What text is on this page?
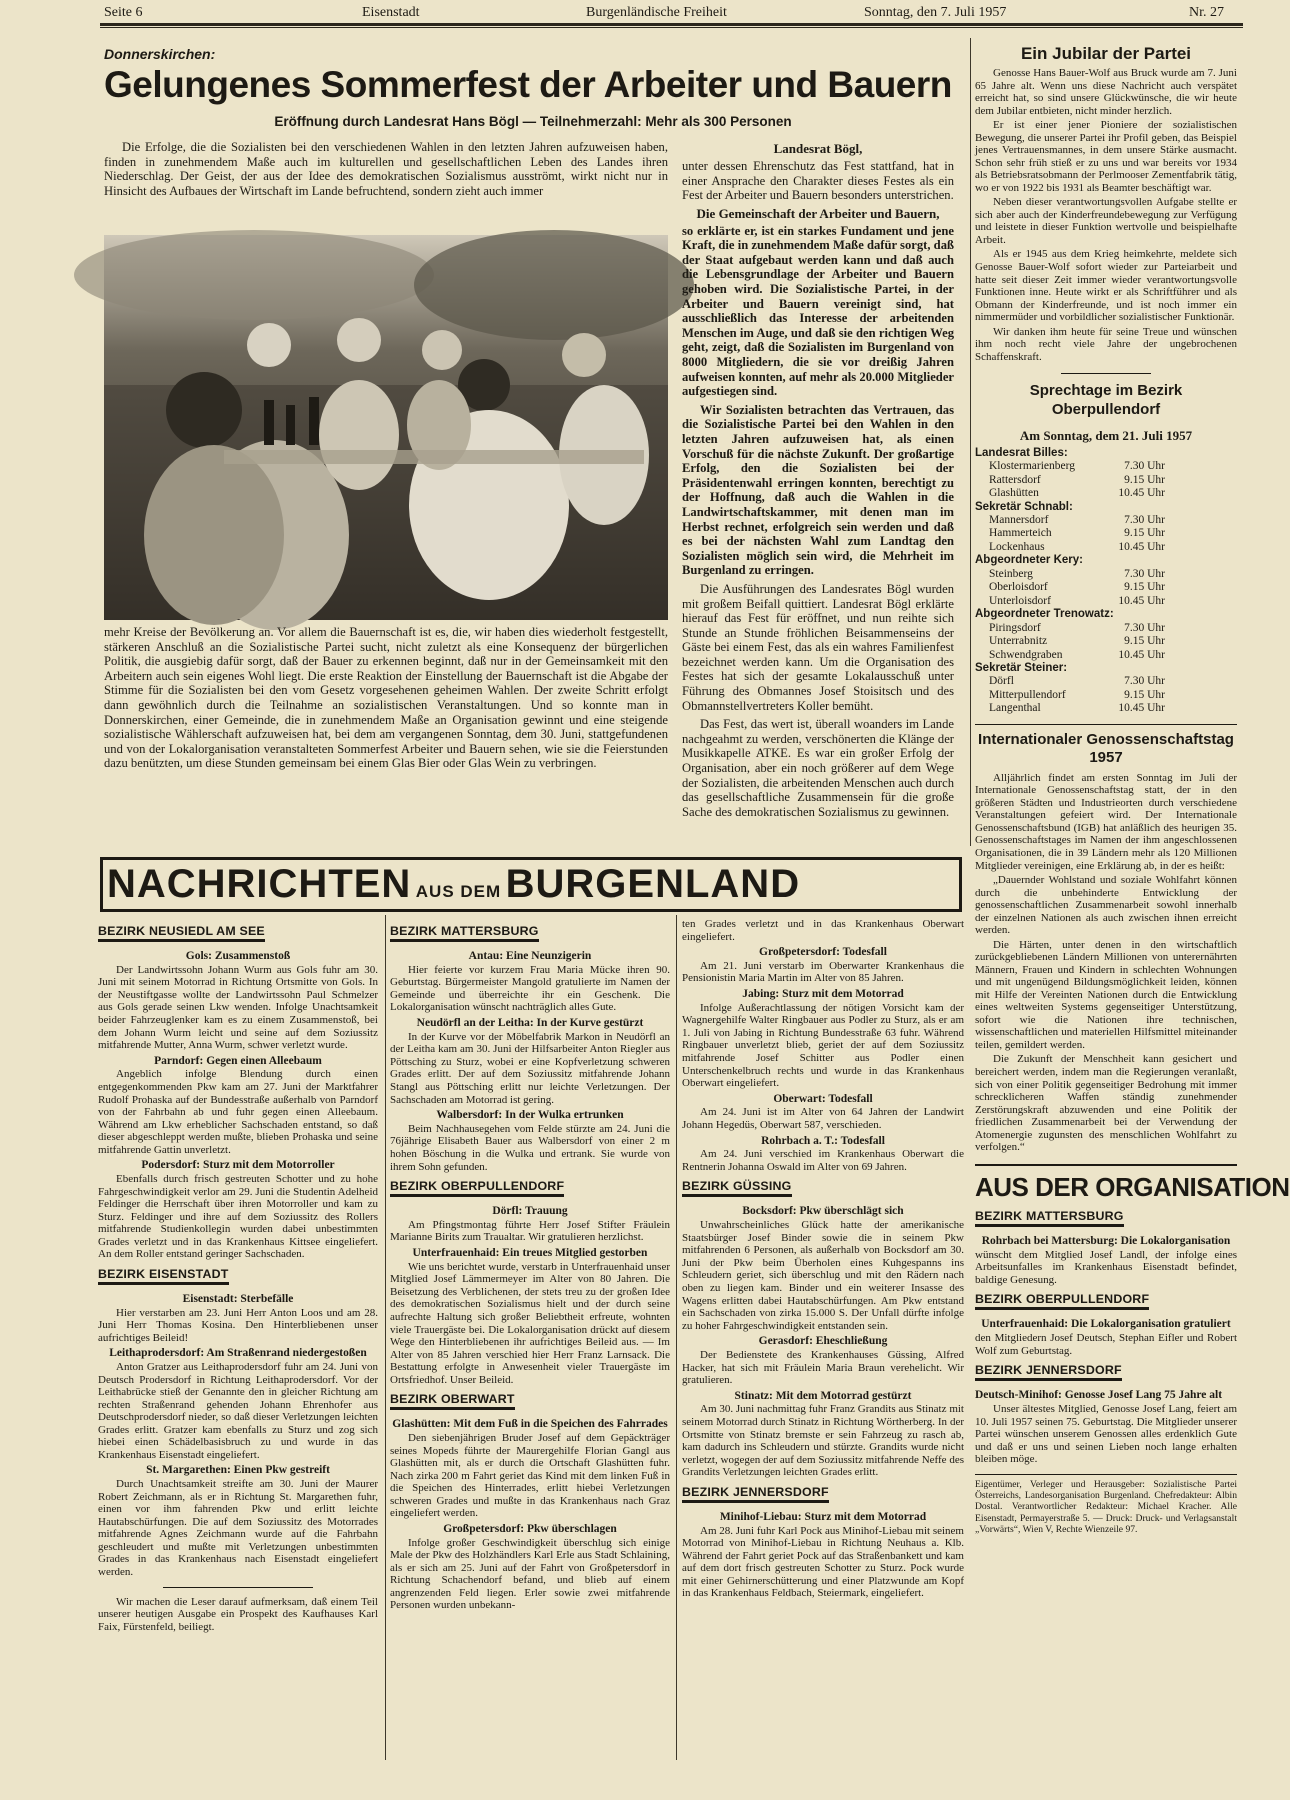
Seite 6	Eisenstadt	Burgenländische Freiheit	Sonntag, den 7. Juli 1957	Nr. 27
Donnerskirchen:
Gelungenes Sommerfest der Arbeiter und Bauern
Eröffnung durch Landesrat Hans Bögl — Teilnehmerzahl: Mehr als 300 Personen
Die Erfolge, die die Sozialisten bei den verschiedenen Wahlen in den letzten Jahren aufzuweisen haben, finden in zunehmendem Maße auch im kulturellen und gesellschaftlichen Leben des Landes ihren Niederschlag. Der Geist, der aus der Idee des demokratischen Sozialismus ausströmt, wirkt nicht nur in Hinsicht des Aufbaues der Wirtschaft im Lande befruchtend, sondern zieht auch immer
mehr Kreise der Bevölkerung an. Vor allem die Bauernschaft ist es, die, wir haben dies wiederholt festgestellt, stärkeren Anschluß an die Sozialistische Partei sucht, nicht zuletzt als eine Konsequenz der bürgerlichen Politik, die ausgiebig dafür sorgt, daß der Bauer zu erkennen beginnt, daß nur in der Gemeinsamkeit mit den Arbeitern auch sein eigenes Wohl liegt. Die erste Reaktion der Einstellung der Bauernschaft ist die Abgabe der Stimme für die Sozialisten bei den vom Gesetz vorgesehenen geheimen Wahlen. Der zweite Schritt erfolgt dann gewöhnlich durch die Teilnahme an sozialistischen Veranstaltungen. Und so konnte man in Donnerskirchen, einer Gemeinde, die in zunehmendem Maße an Organisation gewinnt und eine steigende sozialistische Wählerschaft aufzuweisen hat, bei dem am vergangenen Sonntag, dem 30. Juni, stattgefundenen und von der Lokalorganisation veranstalteten Sommerfest Arbeiter und Bauern sehen, wie sie die Feierstunden dazu benützten, um diese Stunden gemeinsam bei einem Glas Bier oder Glas Wein zu verbringen.
Landesrat Bögl,
unter dessen Ehrenschutz das Fest stattfand, hat in einer Ansprache den Charakter dieses Festes als ein Fest der Arbeiter und Bauern besonders unterstrichen.
Die Gemeinschaft der Arbeiter und Bauern,
so erklärte er, ist ein starkes Fundament und jene Kraft, die in zunehmendem Maße dafür sorgt, daß der Staat aufgebaut werden kann und daß auch die Lebensgrundlage der Arbeiter und Bauern gehoben wird. Die Sozialistische Partei, in der Arbeiter und Bauern vereinigt sind, hat ausschließlich das Interesse der arbeitenden Menschen im Auge, und daß sie den richtigen Weg geht, zeigt, daß die Sozialisten im Burgenland von 8000 Mitgliedern, die sie vor dreißig Jahren aufweisen konnten, auf mehr als 20.000 Mitglieder aufgestiegen sind.
Wir Sozialisten betrachten das Vertrauen, das die Sozialistische Partei bei den Wahlen in den letzten Jahren aufzuweisen hat, als einen Vorschuß für die nächste Zukunft. Der großartige Erfolg, den die Sozialisten bei der Präsidentenwahl erringen konnten, berechtigt zu der Hoffnung, daß auch die Wahlen in die Landwirtschaftskammer, mit denen man im Herbst rechnet, erfolgreich sein werden und daß es bei der nächsten Wahl zum Landtag den Sozialisten möglich sein wird, die Mehrheit im Burgenland zu erringen.
Die Ausführungen des Landesrates Bögl wurden mit großem Beifall quittiert. Landesrat Bögl erklärte hierauf das Fest für eröffnet, und nun reihte sich Stunde an Stunde fröhlichen Beisammenseins der Gäste bei einem Fest, das als ein wahres Familienfest bezeichnet werden kann. Um die Organisation des Festes hat sich der gesamte Lokalausschuß unter Führung des Obmannes Josef Stoisitsch und des Obmannstellvertreters Koller bemüht.
Das Fest, das wert ist, überall woanders im Lande nachgeahmt zu werden, verschönerten die Klänge der Musikkapelle ATKE. Es war ein großer Erfolg der Organisation, aber ein noch größerer auf dem Wege der Sozialisten, die arbeitenden Menschen auch durch das gesellschaftliche Zusammensein für die große Sache des demokratischen Sozialismus zu gewinnen.
Ein Jubilar der Partei
Genosse Hans Bauer-Wolf aus Bruck wurde am 7. Juni 65 Jahre alt. Wenn uns diese Nachricht auch verspätet erreicht hat, so sind unsere Glückwünsche, die wir heute dem Jubilar entbieten, nicht minder herzlich.
Er ist einer jener Pioniere der sozialistischen Bewegung, die unserer Partei ihr Profil geben, das Beispiel jenes Vertrauensmannes, in dem unsere Stärke ausmacht. Schon sehr früh stieß er zu uns und war bereits vor 1934 als Betriebsratsobmann der Perlmooser Zementfabrik tätig, wo er von 1922 bis 1931 als Beamter beschäftigt war.
Neben dieser verantwortungsvollen Aufgabe stellte er sich aber auch der Kinderfreundebewegung zur Verfügung und leistete in dieser Funktion wertvolle und beispielhafte Arbeit.
Als er 1945 aus dem Krieg heimkehrte, meldete sich Genosse Bauer-Wolf sofort wieder zur Parteiarbeit und hatte seit dieser Zeit immer wieder verantwortungsvolle Funktionen inne. Heute wirkt er als Schriftführer und als Obmann der Kinderfreunde, und ist noch immer ein nimmermüder und vorbildlicher sozialistischer Funktionär.
Wir danken ihm heute für seine Treue und wünschen ihm noch recht viele Jahre der ungebrochenen Schaffenskraft.
Sprechtage im Bezirk Oberpullendorf
Am Sonntag, dem 21. Juli 1957
Landesrat Billes:
Klostermarienberg	7.30 Uhr
Rattersdorf	9.15 Uhr
Glashütten	10.45 Uhr
Sekretär Schnabl:
Mannersdorf	7.30 Uhr
Hammerteich	9.15 Uhr
Lockenhaus	10.45 Uhr
Abgeordneter Kery:
Steinberg	7.30 Uhr
Oberloisdorf	9.15 Uhr
Unterloisdorf	10.45 Uhr
Abgeordneter Trenowatz:
Piringsdorf	7.30 Uhr
Unterrabnitz	9.15 Uhr
Schwendgraben	10.45 Uhr
Sekretär Steiner:
Dörfl	7.30 Uhr
Mitterpullendorf	9.15 Uhr
Langenthal	10.45 Uhr
Internationaler Genossenschaftstag 1957
Alljährlich findet am ersten Sonntag im Juli der Internationale Genossenschaftstag statt, der in den größeren Städten und Industrieorten durch verschiedene Veranstaltungen gefeiert wird. Der Internationale Genossenschaftsbund (IGB) hat anläßlich des heurigen 35. Genossenschaftstages im Namen der ihm angeschlossenen Organisationen, die in 39 Ländern mehr als 120 Millionen Mitglieder vereinigen, eine Erklärung ab, in der es heißt:
„Dauernder Wohlstand und soziale Wohlfahrt können durch die unbehinderte Entwicklung der genossenschaftlichen Zusammenarbeit sowohl innerhalb der einzelnen Nationen als auch zwischen ihnen erreicht werden.
Die Härten, unter denen in den wirtschaftlich zurückgebliebenen Ländern Millionen von unterernährten Männern, Frauen und Kindern in schlechten Wohnungen und mit ungenügend Bildungsmöglichkeit leiden, können mit Hilfe der Vereinten Nationen durch die Entwicklung eines weltweiten Systems gegenseitiger Unterstützung, sofort wie die Nationen ihre technischen, wissenschaftlichen und materiellen Hilfsmittel miteinander teilen, gemildert werden.
Die Zukunft der Menschheit kann gesichert und bereichert werden, indem man die Regierungen veranlaßt, sich von einer Politik gegenseitiger Bedrohung mit immer schrecklicheren Waffen ständig zunehmender Zerstörungskraft abzuwenden und eine Politik der friedlichen Zusammenarbeit bei der Verwendung der Atomenergie zugunsten des menschlichen Wohlfahrt zu verfolgen.“
AUS DER ORGANISATION
BEZIRK MATTERSBURG
Rohrbach bei Mattersburg: Die Lokalorganisation
wünscht dem Mitglied Josef Landl, der infolge eines Arbeitsunfalles im Krankenhaus Eisenstadt befindet, baldige Genesung.
BEZIRK OBERPULLENDORF
Unterfrauenhaid: Die Lokalorganisation gratuliert
den Mitgliedern Josef Deutsch, Stephan Eifler und Robert Wolf zum Geburtstag.
BEZIRK JENNERSDORF
Deutsch-Minihof: Genosse Josef Lang 75 Jahre alt
Unser ältestes Mitglied, Genosse Josef Lang, feiert am 10. Juli 1957 seinen 75. Geburtstag. Die Mitglieder unserer Partei wünschen unserem Genossen alles erdenklich Gute und daß er uns und seinen Lieben noch lange erhalten bleiben möge.
Eigentümer, Verleger und Herausgeber: Sozialistische Partei Österreichs, Landesorganisation Burgenland. Chefredakteur: Albin Dostal. Verantwortlicher Redakteur: Michael Kracher. Alle Eisenstadt, Permayerstraße 5. — Druck: Druck- und Verlagsanstalt „Vorwärts“, Wien V, Rechte Wienzeile 97.
NACHRICHTEN AUS DEM BURGENLAND
BEZIRK NEUSIEDL AM SEE
Gols: Zusammenstoß
Der Landwirtssohn Johann Wurm aus Gols fuhr am 30. Juni mit seinem Motorrad in Richtung Ortsmitte von Gols. In der Neustiftgasse wollte der Landwirtssohn Paul Schmelzer aus Gols gerade seinen Lkw wenden. Infolge Unachtsamkeit beider Fahrzeuglenker kam es zu einem Zusammenstoß, bei dem Johann Wurm leicht und seine auf dem Soziussitz mitfahrende Mutter, Anna Wurm, schwer verletzt wurde.
Parndorf: Gegen einen Alleebaum
Angeblich infolge Blendung durch einen entgegenkommenden Pkw kam am 27. Juni der Marktfahrer Rudolf Prohaska auf der Bundesstraße außerhalb von Parndorf von der Fahrbahn ab und fuhr gegen einen Alleebaum. Während am Lkw erheblicher Sachschaden entstand, so daß dieser abgeschleppt werden mußte, blieben Prohaska und seine mitfahrende Gattin unverletzt.
Podersdorf: Sturz mit dem Motorroller
Ebenfalls durch frisch gestreuten Schotter und zu hohe Fahrgeschwindigkeit verlor am 29. Juni die Studentin Adelheid Feldinger die Herrschaft über ihren Motorroller und kam zu Sturz. Feldinger und ihre auf dem Soziussitz des Rollers mitfahrende Studienkollegin wurden dabei unbestimmten Grades verletzt und in das Krankenhaus Kittsee eingeliefert. An dem Roller entstand geringer Sachschaden.
BEZIRK EISENSTADT
Eisenstadt: Sterbefälle
Hier verstarben am 23. Juni Herr Anton Loos und am 28. Juni Herr Thomas Kosina. Den Hinterbliebenen unser aufrichtiges Beileid!
Leithaprodersdorf: Am Straßenrand niedergestoßen
Anton Gratzer aus Leithaprodersdorf fuhr am 24. Juni von Deutsch Prodersdorf in Richtung Leithaprodersdorf. Vor der Leithabrücke stieß der Genannte den in gleicher Richtung am rechten Straßenrand gehenden Johann Ehrenhofer aus Deutschprodersdorf nieder, so daß dieser Verletzungen leichten Grades erlitt. Gratzer kam ebenfalls zu Sturz und zog sich hiebei einen Schädelbasisbruch zu und wurde in das Krankenhaus Eisenstadt eingeliefert.
St. Margarethen: Einen Pkw gestreift
Durch Unachtsamkeit streifte am 30. Juni der Maurer Robert Zeichmann, als er in Richtung St. Margarethen fuhr, einen vor ihm fahrenden Pkw und erlitt leichte Hautabschürfungen. Die auf dem Soziussitz des Motorrades mitfahrende Agnes Zeichmann wurde auf die Fahrbahn geschleudert und mußte mit Verletzungen unbestimmten Grades in das Krankenhaus nach Eisenstadt eingeliefert werden.
Wir machen die Leser darauf aufmerksam, daß einem Teil unserer heutigen Ausgabe ein Prospekt des Kaufhauses Karl Faix, Fürstenfeld, beiliegt.
BEZIRK MATTERSBURG
Antau: Eine Neunzigerin
Hier feierte vor kurzem Frau Maria Mücke ihren 90. Geburtstag. Bürgermeister Mangold gratulierte im Namen der Gemeinde und überreichte ihr ein Geschenk. Die Lokalorganisation wünscht nachträglich alles Gute.
Neudörfl an der Leitha: In der Kurve gestürzt
In der Kurve vor der Möbelfabrik Markon in Neudörfl an der Leitha kam am 30. Juni der Hilfsarbeiter Anton Riegler aus Pöttsching zu Sturz, wobei er eine Kopfverletzung schweren Grades erlitt. Der auf dem Soziussitz mitfahrende Johann Stangl aus Pöttsching erlitt nur leichte Verletzungen. Der Sachschaden am Motorrad ist gering.
Walbersdorf: In der Wulka ertrunken
Beim Nachhausegehen vom Felde stürzte am 24. Juni die 76jährige Elisabeth Bauer aus Walbersdorf von einer 2 m hohen Böschung in die Wulka und ertrank. Sie wurde von ihrem Sohn gefunden.
BEZIRK OBERPULLENDORF
Dörfl: Trauung
Am Pfingstmontag führte Herr Josef Stifter Fräulein Marianne Birits zum Traualtar. Wir gratulieren herzlichst.
Unterfrauenhaid: Ein treues Mitglied gestorben
Wie uns berichtet wurde, verstarb in Unterfrauenhaid unser Mitglied Josef Lämmermeyer im Alter von 80 Jahren. Die Beisetzung des Verblichenen, der stets treu zu der großen Idee des demokratischen Sozialismus hielt und der durch seine aufrechte Haltung sich großer Beliebtheit erfreute, wohnten viele Trauergäste bei. Die Lokalorganisation drückt auf diesem Wege den Hinterbliebenen ihr aufrichtiges Beileid aus. — Im Alter von 85 Jahren verschied hier Herr Franz Larnsack. Die Bestattung erfolgte in Anwesenheit vieler Trauergäste im Ortsfriedhof. Unser Beileid.
BEZIRK OBERWART
Glashütten: Mit dem Fuß in die Speichen des Fahrrades
Den siebenjährigen Bruder Josef auf dem Gepäckträger seines Mopeds führte der Maurergehilfe Florian Gangl aus Glashütten mit, als er durch die Ortschaft Glashütten fuhr. Nach zirka 200 m Fahrt geriet das Kind mit dem linken Fuß in die Speichen des Hinterrades, erlitt hiebei Verletzungen schweren Grades und mußte in das Krankenhaus nach Graz eingeliefert werden.
Großpetersdorf: Pkw überschlagen
Infolge großer Geschwindigkeit überschlug sich einige Male der Pkw des Holzhändlers Karl Erle aus Stadt Schlaining, als er sich am 25. Juni auf der Fahrt von Großpetersdorf in Richtung Schachendorf befand, und blieb auf einem angrenzenden Feld liegen. Erler sowie zwei mitfahrende Personen wurden unbekann-
ten Grades verletzt und in das Krankenhaus Oberwart eingeliefert.
Großpetersdorf: Todesfall
Am 21. Juni verstarb im Oberwarter Krankenhaus die Pensionistin Maria Martin im Alter von 85 Jahren.
Jabing: Sturz mit dem Motorrad
Infolge Außerachtlassung der nötigen Vorsicht kam der Wagnergehilfe Walter Ringbauer aus Podler zu Sturz, als er am 1. Juli von Jabing in Richtung Bundesstraße 63 fuhr. Während Ringbauer unverletzt blieb, geriet der auf dem Soziussitz mitfahrende Josef Schitter aus Podler einen Unterschenkelbruch rechts und wurde in das Krankenhaus Oberwart eingeliefert.
Oberwart: Todesfall
Am 24. Juni ist im Alter von 64 Jahren der Landwirt Johann Hegedüs, Oberwart 587, verschieden.
Rohrbach a. T.: Todesfall
Am 24. Juni verschied im Krankenhaus Oberwart die Rentnerin Johanna Oswald im Alter von 69 Jahren.
BEZIRK GÜSSING
Bocksdorf: Pkw überschlägt sich
Unwahrscheinliches Glück hatte der amerikanische Staatsbürger Josef Binder sowie die in seinem Pkw mitfahrenden 6 Personen, als außerhalb von Bocksdorf am 30. Juni der Pkw beim Überholen eines Kuhgespanns ins Schleudern geriet, sich überschlug und mit den Rädern nach oben zu liegen kam. Binder und ein weiterer Insasse des Wagens erlitten dabei Hautabschürfungen. Am Pkw entstand ein Sachschaden von zirka 15.000 S. Der Unfall dürfte infolge zu hoher Fahrgeschwindigkeit entstanden sein.
Gerasdorf: Eheschließung
Der Bedienstete des Krankenhauses Güssing, Alfred Hacker, hat sich mit Fräulein Maria Braun verehelicht. Wir gratulieren.
Stinatz: Mit dem Motorrad gestürzt
Am 30. Juni nachmittag fuhr Franz Grandits aus Stinatz mit seinem Motorrad durch Stinatz in Richtung Wörtherberg. In der Ortsmitte von Stinatz bremste er sein Fahrzeug zu rasch ab, kam dadurch ins Schleudern und stürzte. Grandits wurde nicht verletzt, wogegen der auf dem Soziussitz mitfahrende Neffe des Grandits Verletzungen leichten Grades erlitt.
BEZIRK JENNERSDORF
Minihof-Liebau: Sturz mit dem Motorrad
Am 28. Juni fuhr Karl Pock aus Minihof-Liebau mit seinem Motorrad von Minihof-Liebau in Richtung Neuhaus a. Klb. Während der Fahrt geriet Pock auf das Straßenbankett und kam auf dem dort frisch gestreuten Schotter zu Sturz. Pock wurde mit einer Gehirnerschütterung und einer Platzwunde am Kopf in das Krankenhaus Feldbach, Steiermark, eingeliefert.
